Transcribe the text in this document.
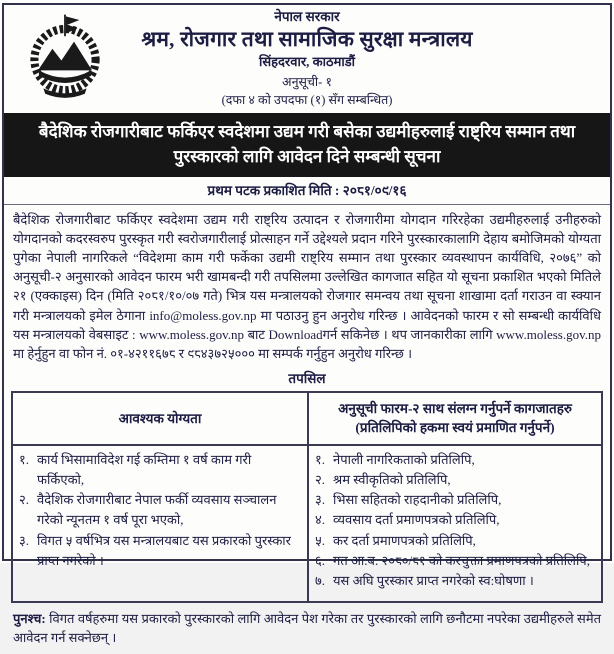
नेपाल सरकार
श्रम, रोजगार तथा सामाजिक सुरक्षा मन्त्रालय
सिंहदरवार, काठमाडौं
अनुसूची- १
(दफा ४ को उपदफा (१) सँग सम्बन्धित)
बैदेशिक रोजगारीबाट फर्किएर स्वदेशमा उद्यम गरी बसेका उद्यमीहरुलाई राष्ट्रिय सम्मान तथा पुरस्कारको लागि आवेदन दिने सम्बन्धी सूचना
प्रथम पटक प्रकाशित मिति : २०८१/०९/१६
बैदेशिक रोजगारीबाट फर्किएर स्वदेशमा उद्यम गरी राष्ट्रिय उत्पादन र रोजगारीमा योगदान गरिरहेका उद्यमीहरुलाई उनीहरुको योगदानको कदरस्वरुप पुरस्कृत गरी स्वरोजगारीलाई प्रोत्साहन गर्ने उद्देश्यले प्रदान गरिने पुरस्कारकालागि देहाय बमोजिमको योग्यता पुगेका नेपाली नागरिकले “विदेशमा काम गरी फर्केका उद्यमी राष्ट्रिय सम्मान तथा पुरस्कार व्यवस्थापन कार्यविधि, २०७६” को अनुसूची-२ अनुसारको आवेदन फारम भरी खामबन्दी गरी तपसिलमा उल्लेखित कागजात सहित यो सूचना प्रकाशित भएको मितिले २१ (एक्काइस) दिन (मिति २०८१/१०/०७ गते) भित्र यस मन्त्रालयको रोजगार समन्वय तथा सूचना शाखामा दर्ता गराउन वा स्क्यान गरी मन्त्रालयको इमेल ठेगाना info@moless.gov.np मा पठाउनु हुन अनुरोध गरिन्छ । आवेदनको फारम र सो सम्बन्धी कार्यविधि यस मन्त्रालयको वेबसाइट : www.moless.gov.np बाट Downloadगर्न सकिनेछ । थप जानकारीका लागि www.moless.gov.np मा हेर्नुहुन वा फोन नं. ०१-४२११६७८ र ९८४३७२५००० मा सम्पर्क गर्नुहुन अनुरोध गरिन्छ ।
तपसिल
आवश्यक योग्यता
अनुसूची फारम-२ साथ संलग्न गर्नुपर्ने कागजातहरु
(प्रतिलिपिको हकमा स्वयं प्रमाणित गर्नुपर्ने)
१. कार्य भिसामाविदेश गई कम्तिमा १ वर्ष काम गरी फर्किएको,
२. वैदेशिक रोजगारीबाट नेपाल फर्की व्यवसाय सञ्चालन गरेको न्यूनतम १ वर्ष पूरा भएको,
३. विगत ५ वर्षभित्र यस मन्त्रालयबाट यस प्रकारको पुरस्कार प्राप्त नगरेको ।
१. नेपाली नागरिकताको प्रतिलिपि,
२. श्रम स्वीकृतिको प्रतिलिपि,
३. भिसा सहितको राहदानीको प्रतिलिपि,
४. व्यवसाय दर्ता प्रमाणपत्रको प्रतिलिपि,
५. कर दर्ता प्रमाणपत्रको प्रतिलिपि,
६. गत आ.ब. २०८०/८१ को करचुक्ता प्रमाणपत्रको प्रतिलिपि,
७. यस अघि पुरस्कार प्राप्त नगरेको स्व:घोषणा ।
पुनश्च: विगत वर्षहरुमा यस प्रकारको पुरस्कारको लागि आवेदन पेश गरेका तर पुरस्कारको लागि छनौटमा नपरेका उद्यमीहरुले समेत आवेदन गर्न सक्नेछन् ।
